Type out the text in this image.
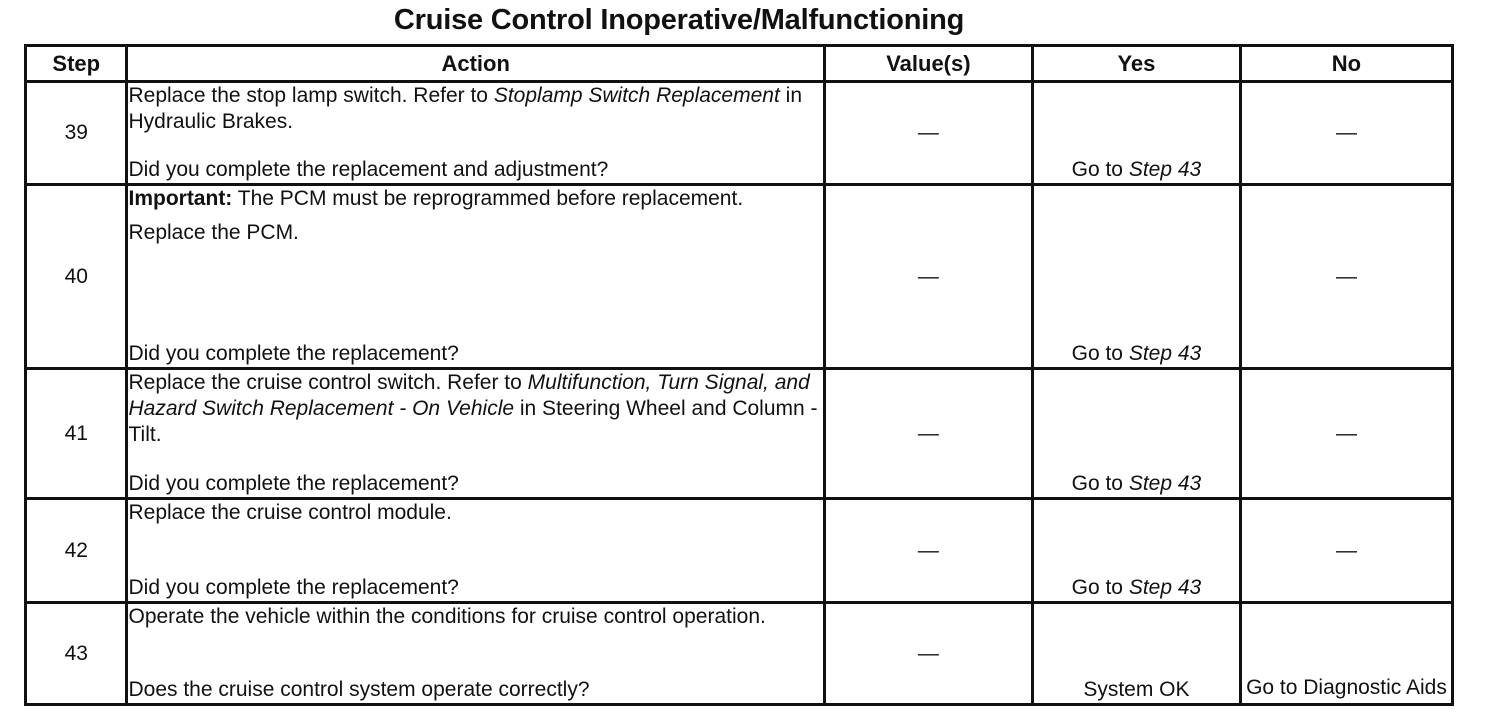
Cruise Control Inoperative/Malfunctioning
Step	Action	Value(s)	Yes	No
39	Replace the stop lamp switch. Refer to Stoplamp Switch Replacement in Hydraulic Brakes.
Did you complete the replacement and adjustment?	—	Go to Step 43	—
40	Important: The PCM must be reprogrammed before replacement.
Replace the PCM.
Did you complete the replacement?	—	Go to Step 43	—
41	Replace the cruise control switch. Refer to Multifunction, Turn Signal, and Hazard Switch Replacement - On Vehicle in Steering Wheel and Column - Tilt.
Did you complete the replacement?	—	Go to Step 43	—
42	Replace the cruise control module.
Did you complete the replacement?	—	Go to Step 43	—
43	Operate the vehicle within the conditions for cruise control operation.
Does the cruise control system operate correctly?	—	System OK	Go to Diagnostic Aids
